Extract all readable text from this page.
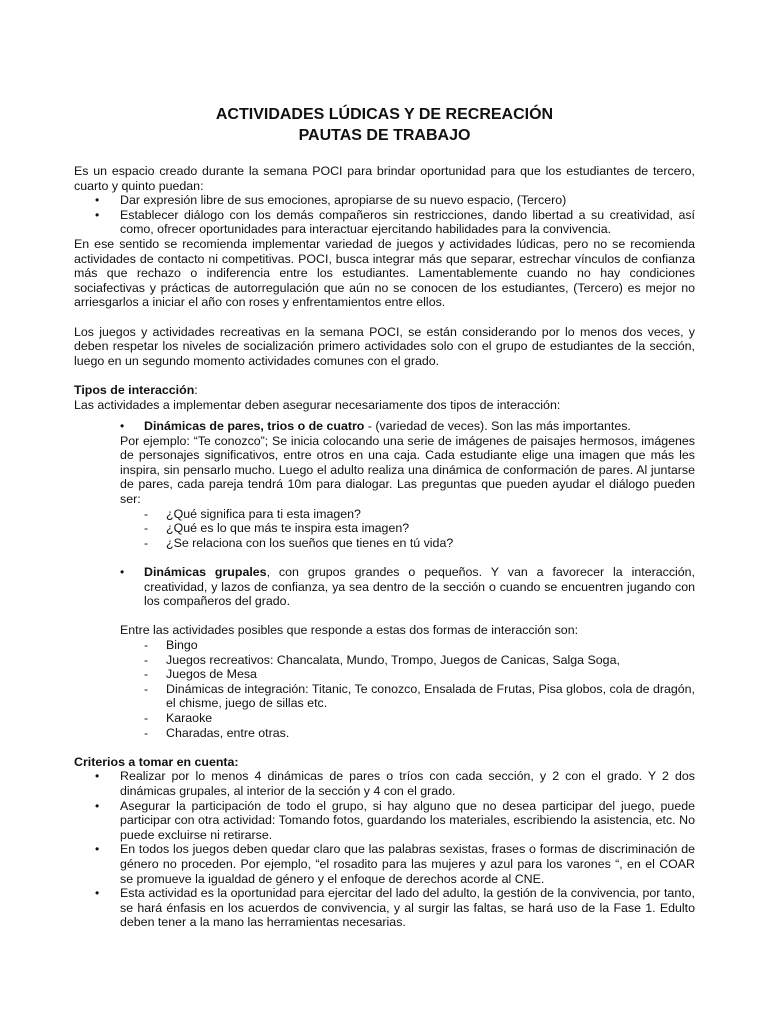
ACTIVIDADES LÚDICAS Y DE RECREACIÓN
PAUTAS DE TRABAJO

Es un espacio creado durante la semana POCI para brindar oportunidad para que los estudiantes de tercero, cuarto y quinto puedan:

• Dar expresión libre de sus emociones, apropiarse de su nuevo espacio, (Tercero)
• Establecer diálogo con los demás compañeros sin restricciones, dando libertad a su creatividad, así como, ofrecer oportunidades para interactuar ejercitando habilidades para la convivencia.

En ese sentido se recomienda implementar variedad de juegos y actividades lúdicas, pero no se recomienda actividades de contacto ni competitivas. POCI, busca integrar más que separar, estrechar vínculos de confianza más que rechazo o indiferencia entre los estudiantes. Lamentablemente cuando no hay condiciones sociafectivas y prácticas de autorregulación que aún no se conocen de los estudiantes, (Tercero) es mejor no arriesgarlos a iniciar el año con roses y enfrentamientos entre ellos.

Los juegos y actividades recreativas en la semana POCI, se están considerando por lo menos dos veces, y deben respetar los niveles de socialización primero actividades solo con el grupo de estudiantes de la sección, luego en un segundo momento actividades comunes con el grado.

Tipos de interacción:

Las actividades a implementar deben asegurar necesariamente dos tipos de interacción:

• Dinámicas de pares, trios o de cuatro - (variedad de veces). Son las más importantes.

Por ejemplo: “Te conozco”; Se inicia colocando una serie de imágenes de paisajes hermosos, imágenes de personajes significativos, entre otros en una caja. Cada estudiante elige una imagen que más les inspira, sin pensarlo mucho. Luego el adulto realiza una dinámica de conformación de pares. Al juntarse de pares, cada pareja tendrá 10m para dialogar. Las preguntas que pueden ayudar el diálogo pueden ser:

- ¿Qué significa para ti esta imagen?
- ¿Qué es lo que más te inspira esta imagen?
- ¿Se relaciona con los sueños que tienes en tú vida?

• Dinámicas grupales, con grupos grandes o pequeños. Y van a favorecer la interacción, creatividad, y lazos de confianza, ya sea dentro de la sección o cuando se encuentren jugando con los compañeros del grado.

Entre las actividades posibles que responde a estas dos formas de interacción son:

- Bingo
- Juegos recreativos: Chancalata, Mundo, Trompo, Juegos de Canicas, Salga Soga,
- Juegos de Mesa
- Dinámicas de integración: Titanic, Te conozco, Ensalada de Frutas, Pisa globos, cola de dragón, el chisme, juego de sillas etc.
- Karaoke
- Charadas, entre otras.

Criterios a tomar en cuenta:

• Realizar por lo menos 4 dinámicas de pares o tríos con cada sección, y 2 con el grado. Y 2 dos dinámicas grupales, al interior de la sección y 4 con el grado.
• Asegurar la participación de todo el grupo, si hay alguno que no desea participar del juego, puede participar con otra actividad: Tomando fotos, guardando los materiales, escribiendo la asistencia, etc. No puede excluirse ni retirarse.
• En todos los juegos deben quedar claro que las palabras sexistas, frases o formas de discriminación de género no proceden. Por ejemplo, “el rosadito para las mujeres y azul para los varones “, en el COAR se promueve la igualdad de género y el enfoque de derechos acorde al CNE.
• Esta actividad es la oportunidad para ejercitar del lado del adulto, la gestión de la convivencia, por tanto, se hará énfasis en los acuerdos de convivencia, y al surgir las faltas, se hará uso de la Fase 1. Edulto deben tener a la mano las herramientas necesarias.
